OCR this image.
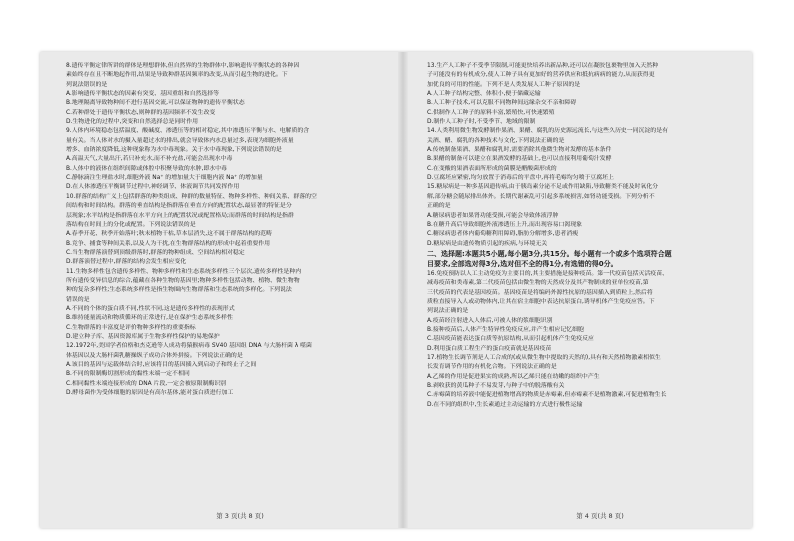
8.遗传平衡定律所讲的群体是理想群体,但自然界的生物群体中,影响遗传平衡状态的各种因

素始终存在且不断地起作用,结果是导致种群基因频率的改变,从而引起生物的进化。下

列说法错误的是

A.影响遗传平衡状态的因素有突变、基因重组和自然选择等

B.地理隔离导致物种间不进行基因交流,可以保证物种的遗传平衡状态

C.若种群处于遗传平衡状态,则种群的基因频率不发生改变

D.生物进化的过程中,突变和自然选择总是同时作用

9.人体内环境稳态包括温度、酸碱度、渗透压等的相对稳定,其中渗透压平衡与水、电解质的含

量有关。当人体对水的摄入量超过水的排出,就会导致体内水总量过多,表现为细胞外液量

增多、血钠浓度降低,这种现象称为水中毒现象。关于水中毒现象,下列说法错误的是

A.高温天气,大量出汗,若只补充水,而不补充盐,可能会出现水中毒

B.人体中的液体在组织间隙或体腔中积聚导致的水肿,即水中毒

C.静脉滴注生理盐水时,细胞外液 Na⁺ 的增加量大于细胞内液 Na⁺ 的增加量

D.在人体渗透压平衡调节过程中,神经调节、体液调节共同发挥作用

10.群落的结构广义上包括群落的种类组成、种群的数量特征、物种多样性、种间关系、群落的空

间结构和时间结构。群落的垂直结构是指群落在垂直方向的配置状态,最显著的特征是分

层现象;水平结构是指群落在水平方向上的配置状况或配置格局;而群落的时间结构是指群

落结构在时间上的分化或配置。下列说法错误的是

A.春季开花、秋季开始落叶;秋末植物干枯,草本层消失,这不属于群落结构的范畴

B.竞争、捕食等种间关系,以及人为干扰,在生物群落结构的形成中起着重要作用

C.当生物群落演替到顶级群落时,群落的物种组成、空间结构相对稳定

D.群落演替过程中,群落的结构会发生相应变化

11.生物多样性包含遗传多样性、物种多样性和生态系统多样性三个层次,遗传多样性是种内

所有遗传变异信息的综合,蕴藏在各种生物的基因里;物种多样性包括动物、植物、微生物物

种的复杂多样性;生态系统多样性是指生物圈内生物群落和生态系统的多样化。下列说法

错误的是

A.不同的个体的蛋白质不同,性状不同,这是遗传多样性的表现形式

B.维持能量流动和物质循环的正常进行,是在保护生态系统多样性

C.生物群落的丰富度是评价物种多样性的重要指标

D.建立种子库、基因资源库属于生物多样性保护的易地保护

12.1972年,美国学者伯格和杰克逊等人成功将猿猴病毒 SV40 基因组 DNA 与大肠杆菌 λ 噬菌

体基因以及大肠杆菌乳糖操纵子成功合体外拼接。下列说法正确的是

A.该目的基因与运载体结合时,应该将目的基因插入到启动子和终止子之间

B.不同的限制酶切割形成的黏性末端一定不相同

C.相同黏性末端连接形成的 DNA 片段,一定会被原限制酶识别

D.酵母菌作为受体细胞的原因是有高尔基体,能对蛋白质进行加工

13.生产人工种子不受季节限制,可能更快培养出新品种,还可以在凝胶包裹物里加入天然种

子可能没有的有机成分,使人工种子具有更加好的营养供应和抵抗病病的能力,从而获得更

加优良的可用的性能。下列不是人类发展人工种子原因的是

A.人工种子结构完整、体积小,便于储藏运输

B.人工种子技术,可以克服不同物种间远缘杂交不亲和障碍

C.供制作人工种子的原料丰富,繁殖快,可快速繁殖

D.制作人工种子时,不受季节、地域的限制

14.人类利用微生物发酵制作果酒、果醋、腐乳的历史源远流长,与这些久历史一同沉淀的是有

关酒、醋、腐乳的各种技术与文化,下列说法正确的是

A.传统制备果酒、果醋和腐乳时,需要消除其他微生物对发酵的基本条件

B.果醋的制备可以建立在果酒发酵的基础上,也可以直接利用葡萄汁发酵

C.在变酸的果酒表面所形成的菌膜是醋酸菌形成的

D.豆腐坯应紧密,均匀放置于消毒后的平盘中,再将毛霉均匀喷于豆腐坯上

15.糖尿病是一种多基因遗传病,由于胰岛素分泌不足或作用缺陷,导致糖类不能及时氧化分

解,部分糖会随尿排出体外。长期代谢紊乱可引起多系统损害,如肾功能受损。下列分析不

正确的是

A.糖尿病患者如果肾功能受损,可能会导致体液浮肿

B.在糖升高后导致细胞外液渗透压上升,而出现容易口渴现象

C.糖尿病患者体内葡萄糖利用障碍,脂肪分解增多,患者消瘦

D.糖尿病是由遗传物质引起的疾病,与环境无关

二、选择题:本题共5小题,每小题3分,共15分。每小题有一个或多个选项符合题

目要求,全部选对得3分,选对但不全的得1分,有选错的得0分。

16.免疫预防以人工主动免疫为主要目的,其主要措施是接种疫苗。第一代疫苗包括灭活疫苗、

减毒疫苗和类毒素,第二代疫苗包括由微生物的天然成分及其产物制成的亚单位疫苗,第

三代疫苗的代表是基因疫苗。基因疫苗是将编码外源性抗原的基因插入到质粒上,然后将

质粒直接导入人或动物体内,让其在宿主细胞中表达抗原蛋白,诱导机体产生免疫应答。下

列说法正确的是

A.疫苗经注射进入人体后,可被人体的浆细胞识别

B.接种疫苗后,人体产生特异性免疫反应,并产生相应记忆细胞

C.基因疫苗能表达蛋白质等抗原结构,从而引起机体产生免疫反应

D.利用蛋白质工程生产的蛋白疫苗就是基因疫苗

17.植物生长调节剂是人工合成的(或从微生物中提取的天然的),具有和天然植物激素相似生

长发育调节作用的有机化合物。下列说法正确的是

A.乙烯的作用是促进果实的成熟,所以乙烯只能在幼嫩的组织中产生

B.剥收获的黄瓜种子不易发芽,与种子中的脱落酸有关

C.赤霉菌的培养液中能促进植物增高的物质是赤霉素,但赤霉素不是植物激素,可促进植物生长

D.在不同的组织中,生长素通过主动运输的方式进行极性运输

第 3 页(共 8 页)	第 4 页(共 8 页)
